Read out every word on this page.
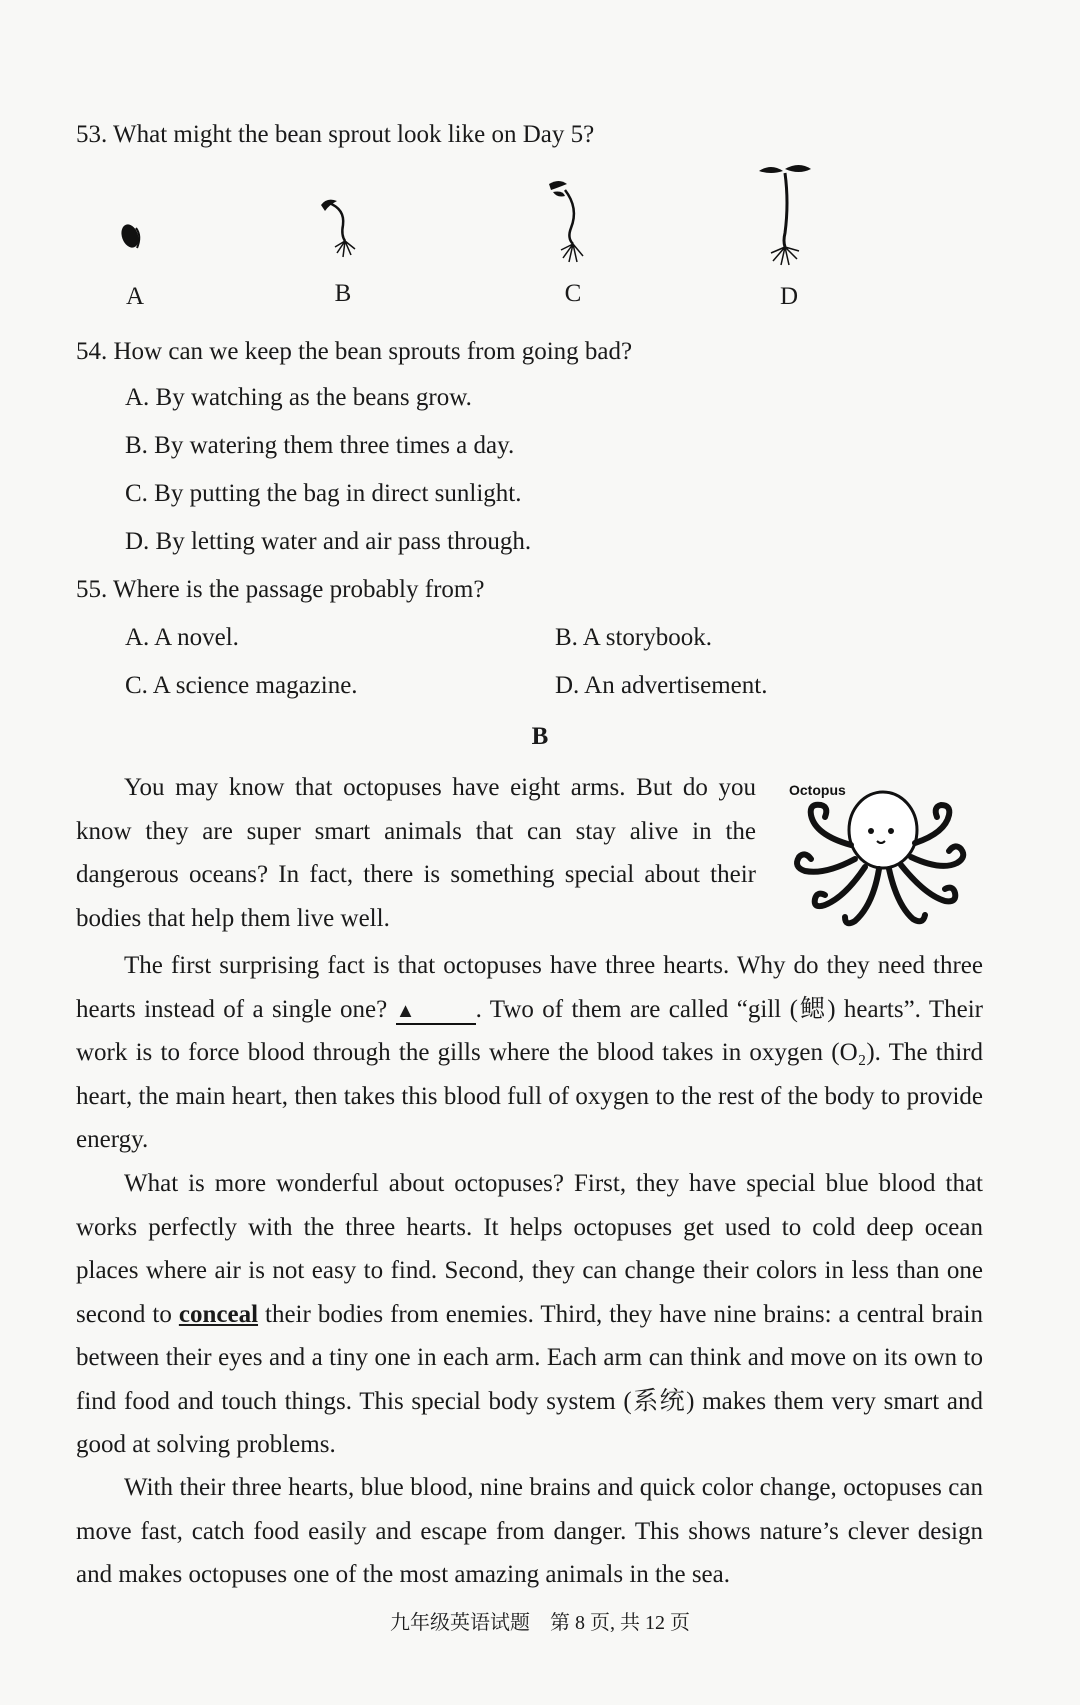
53. What might the bean sprout look like on Day 5?
A	B	C	D
54. How can we keep the bean sprouts from going bad?
A. By watching as the beans grow.
B. By watering them three times a day.
C. By putting the bag in direct sunlight.
D. By letting water and air pass through.
55. Where is the passage probably from?
A. A novel.	B. A storybook.
C. A science magazine.	D. An advertisement.
B
You may know that octopuses have eight arms. But do you know they are super smart animals that can stay alive in the dangerous oceans? In fact, there is something special about their bodies that help them live well.
Octopus
The first surprising fact is that octopuses have three hearts. Why do they need three hearts instead of a single one? ▲ . Two of them are called “gill (鳃) hearts”. Their work is to force blood through the gills where the blood takes in oxygen (O₂). The third heart, the main heart, then takes this blood full of oxygen to the rest of the body to provide energy.
What is more wonderful about octopuses? First, they have special blue blood that works perfectly with the three hearts. It helps octopuses get used to cold deep ocean places where air is not easy to find. Second, they can change their colors in less than one second to conceal their bodies from enemies. Third, they have nine brains: a central brain between their eyes and a tiny one in each arm. Each arm can think and move on its own to find food and touch things. This special body system (系统) makes them very smart and good at solving problems.
With their three hearts, blue blood, nine brains and quick color change, octopuses can move fast, catch food easily and escape from danger. This shows nature’s clever design and makes octopuses one of the most amazing animals in the sea.
九年级英语试题　第 8 页, 共 12 页
